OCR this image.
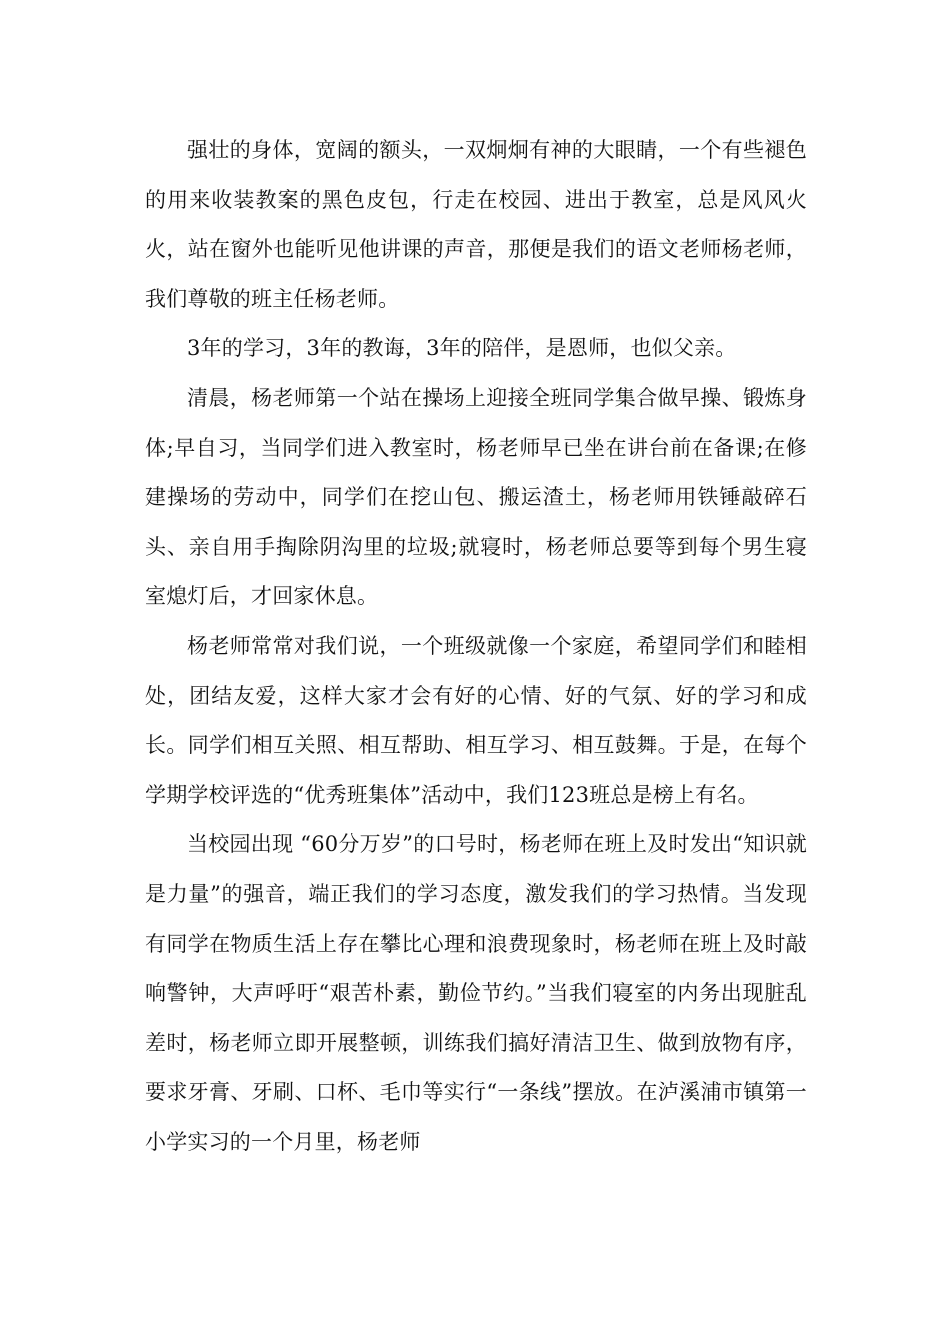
强壮的身体，宽阔的额头，一双炯炯有神的大眼睛，一个有些褪色的用来收装教案的黑色皮包，行走在校园、进出于教室，总是风风火火，站在窗外也能听见他讲课的声音，那便是我们的语文老师杨老师，我们尊敬的班主任杨老师。

3年的学习，3年的教诲，3年的陪伴，是恩师，也似父亲。

清晨，杨老师第一个站在操场上迎接全班同学集合做早操、锻炼身体;早自习，当同学们进入教室时，杨老师早已坐在讲台前在备课;在修建操场的劳动中，同学们在挖山包、搬运渣土，杨老师用铁锤敲碎石头、亲自用手掏除阴沟里的垃圾;就寝时，杨老师总要等到每个男生寝室熄灯后，才回家休息。

杨老师常常对我们说，一个班级就像一个家庭，希望同学们和睦相处，团结友爱，这样大家才会有好的心情、好的气氛、好的学习和成长。同学们相互关照、相互帮助、相互学习、相互鼓舞。于是，在每个学期学校评选的“优秀班集体”活动中，我们123班总是榜上有名。

当校园出现 “60分万岁”的口号时，杨老师在班上及时发出“知识就是力量”的强音，端正我们的学习态度，激发我们的学习热情。当发现有同学在物质生活上存在攀比心理和浪费现象时，杨老师在班上及时敲响警钟，大声呼吁“艰苦朴素，勤俭节约。”当我们寝室的内务出现脏乱差时，杨老师立即开展整顿，训练我们搞好清洁卫生、做到放物有序，要求牙膏、牙刷、口杯、毛巾等实行“一条线”摆放。在泸溪浦市镇第一小学实习的一个月里，杨老师
